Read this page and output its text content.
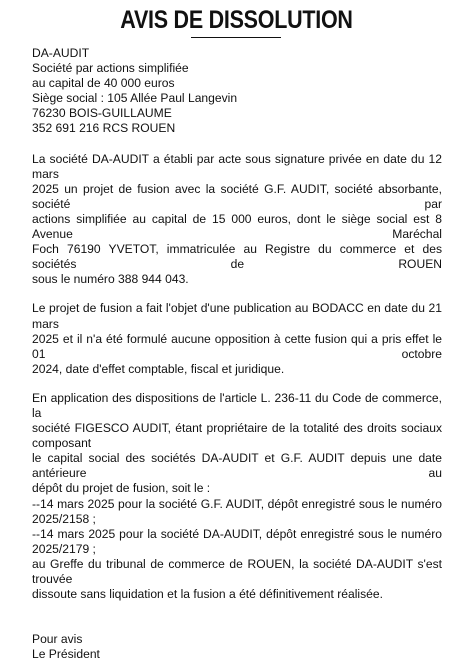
AVIS DE DISSOLUTION
DA-AUDIT
Société par actions simplifiée
au capital de 40 000 euros
Siège social : 105 Allée Paul Langevin
76230 BOIS-GUILLAUME
352 691 216 RCS ROUEN
La société DA-AUDIT a établi par acte sous signature privée en date du 12 mars
2025 un projet de fusion avec la société G.F. AUDIT, société absorbante, société par
actions simplifiée au capital de 15 000 euros, dont le siège social est 8 Avenue Maréchal
Foch 76190 YVETOT, immatriculée au Registre du commerce et des sociétés de ROUEN
sous le numéro 388 944 043.
Le projet de fusion a fait l'objet d'une publication au BODACC en date du 21 mars
2025 et il n'a été formulé aucune opposition à cette fusion qui a pris effet le 01 octobre
2024, date d'effet comptable, fiscal et juridique.
En application des dispositions de l'article L. 236-11 du Code de commerce, la
société FIGESCO AUDIT, étant propriétaire de la totalité des droits sociaux composant
le capital social des sociétés DA-AUDIT et G.F. AUDIT depuis une date antérieure au
dépôt du projet de fusion, soit le :
--14 mars 2025 pour la société G.F. AUDIT, dépôt enregistré sous le numéro
2025/2158 ;
--14 mars 2025 pour la société DA-AUDIT, dépôt enregistré sous le numéro
2025/2179 ;
au Greffe du tribunal de commerce de ROUEN, la société DA-AUDIT s'est trouvée
dissoute sans liquidation et la fusion a été définitivement réalisée.
Pour avis
Le Président
